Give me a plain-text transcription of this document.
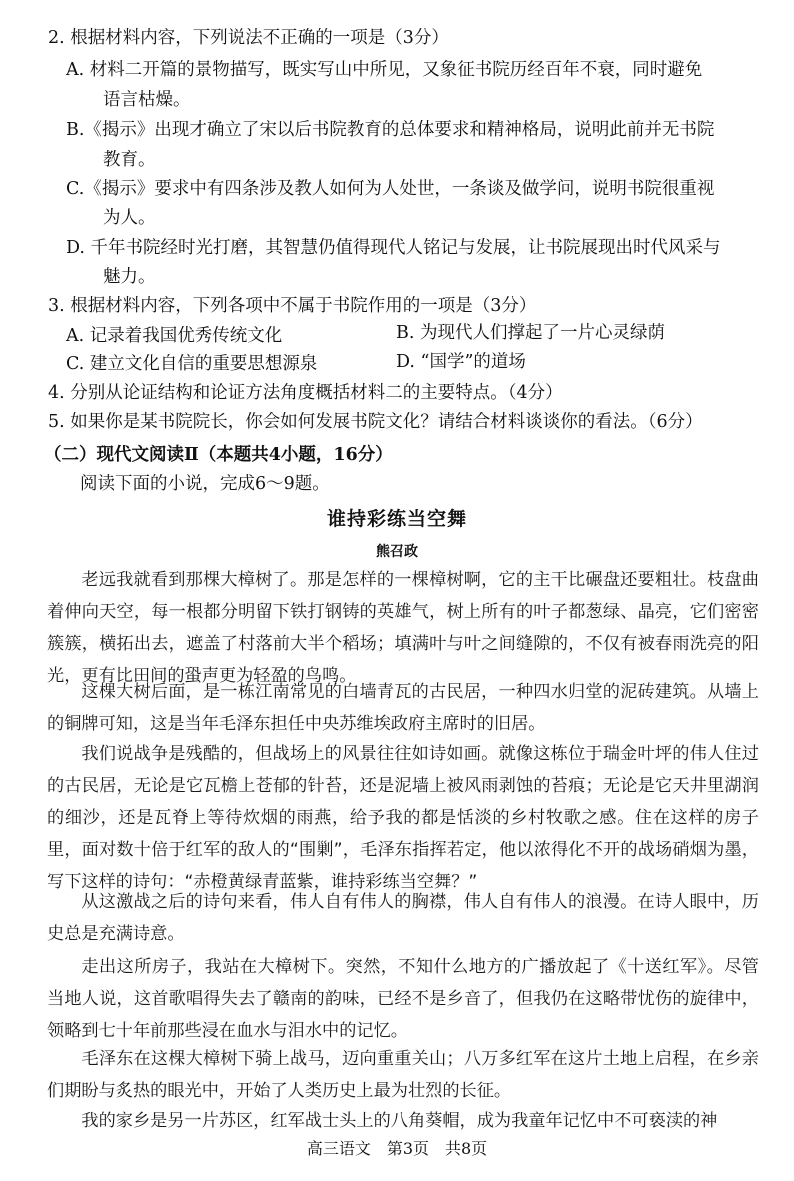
2. 根据材料内容，下列说法不正确的一项是（3分）
A. 材料二开篇的景物描写，既实写山中所见，又象征书院历经百年不衰，同时避免
语言枯燥。
B.《揭示》出现才确立了宋以后书院教育的总体要求和精神格局，说明此前并无书院
教育。
C.《揭示》要求中有四条涉及教人如何为人处世，一条谈及做学问，说明书院很重视
为人。
D. 千年书院经时光打磨，其智慧仍值得现代人铭记与发展，让书院展现出时代风采与
魅力。
3. 根据材料内容，下列各项中不属于书院作用的一项是（3分）
A. 记录着我国优秀传统文化	B. 为现代人们撑起了一片心灵绿荫
C. 建立文化自信的重要思想源泉	D. “国学”的道场
4. 分别从论证结构和论证方法角度概括材料二的主要特点。（4分）
5. 如果你是某书院院长，你会如何发展书院文化？请结合材料谈谈你的看法。（6分）
（二）现代文阅读Ⅱ（本题共4小题，16分）
阅读下面的小说，完成6～9题。
谁持彩练当空舞
熊召政
老远我就看到那棵大樟树了。那是怎样的一棵樟树啊，它的主干比碾盘还要粗壮。枝盘曲着伸向天空，每一根都分明留下铁打钢铸的英雄气，树上所有的叶子都葱绿、晶亮，它们密密簇簇，横拓出去，遮盖了村落前大半个稻场；填满叶与叶之间缝隙的，不仅有被春雨洗亮的阳光，更有比田间的蛩声更为轻盈的鸟鸣。
这棵大树后面，是一栋江南常见的白墙青瓦的古民居，一种四水归堂的泥砖建筑。从墙上的铜牌可知，这是当年毛泽东担任中央苏维埃政府主席时的旧居。
我们说战争是残酷的，但战场上的风景往往如诗如画。就像这栋位于瑞金叶坪的伟人住过的古民居，无论是它瓦檐上苍郁的针苔，还是泥墙上被风雨剥蚀的苔痕；无论是它天井里湖润的细沙，还是瓦脊上等待炊烟的雨燕，给予我的都是恬淡的乡村牧歌之感。住在这样的房子里，面对数十倍于红军的敌人的“围剿”，毛泽东指挥若定，他以浓得化不开的战场硝烟为墨，写下这样的诗句：“赤橙黄绿青蓝紫，谁持彩练当空舞？”
从这激战之后的诗句来看，伟人自有伟人的胸襟，伟人自有伟人的浪漫。在诗人眼中，历史总是充满诗意。
走出这所房子，我站在大樟树下。突然，不知什么地方的广播放起了《十送红军》。尽管当地人说，这首歌唱得失去了赣南的韵味，已经不是乡音了，但我仍在这略带忧伤的旋律中，领略到七十年前那些浸在血水与泪水中的记忆。
毛泽东在这棵大樟树下骑上战马，迈向重重关山；八万多红军在这片土地上启程，在乡亲们期盼与炙热的眼光中，开始了人类历史上最为壮烈的长征。
我的家乡是另一片苏区，红军战士头上的八角葵帽，成为我童年记忆中不可亵渎的神
高三语文　第3页　共8页
